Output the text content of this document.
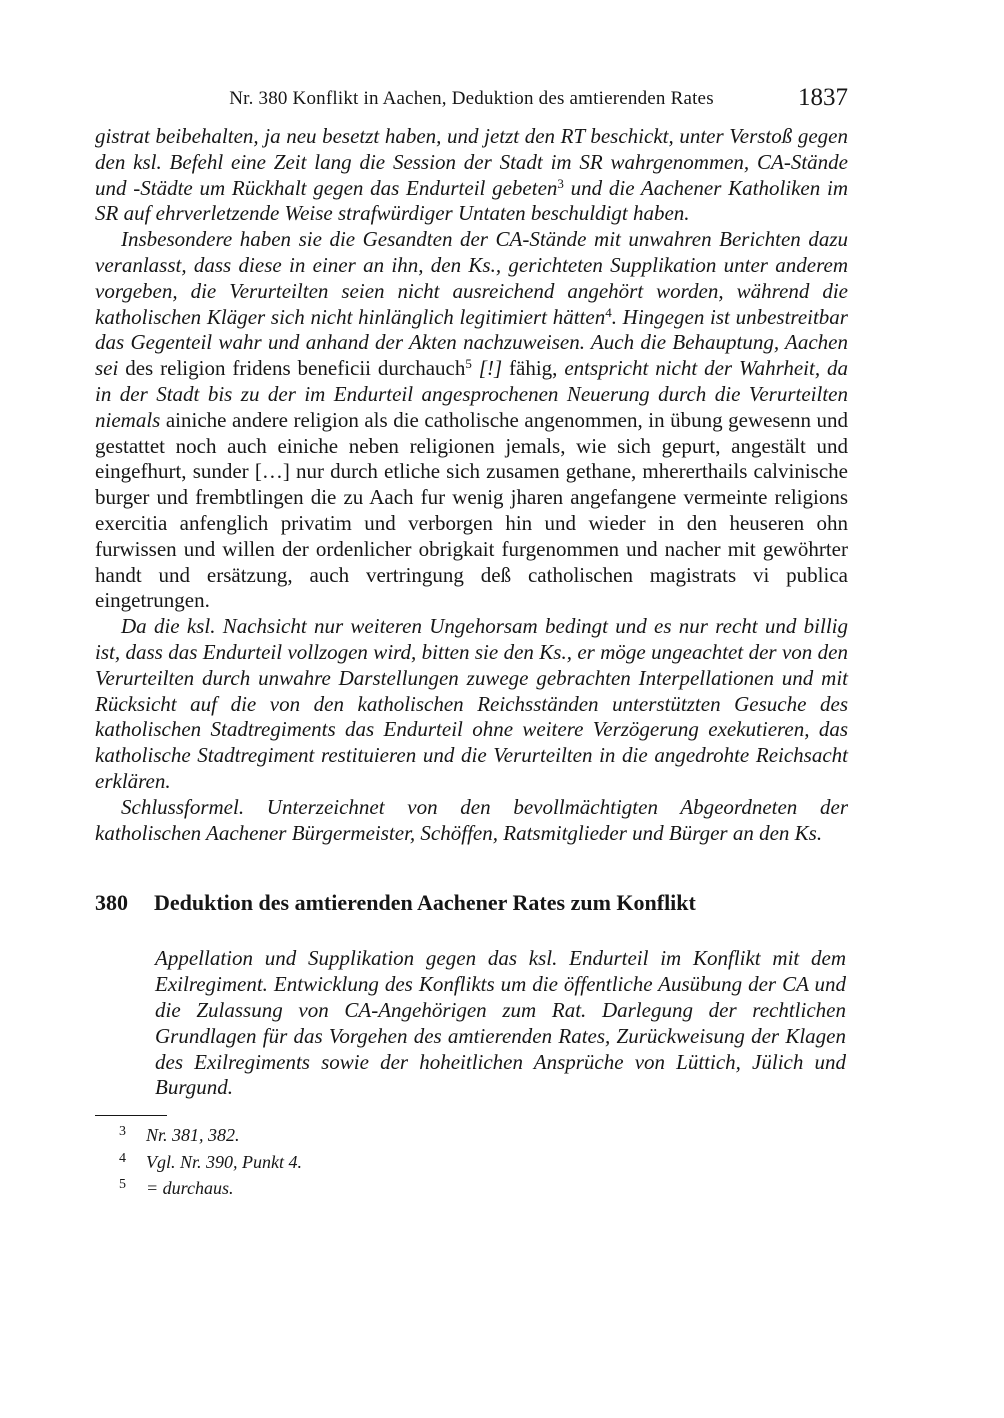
Nr. 380 Konflikt in Aachen, Deduktion des amtierenden Rates	1837

gistrat beibehalten, ja neu besetzt haben, und jetzt den RT beschickt, unter Verstoß gegen den ksl. Befehl eine Zeit lang die Session der Stadt im SR wahrgenommen, CA-Stände und -Städte um Rückhalt gegen das Endurteil gebeten$^3$ und die Aachener Katholiken im SR auf ehrverletzende Weise strafwürdiger Untaten beschuldigt haben.

Insbesondere haben sie die Gesandten der CA-Stände mit unwahren Berichten dazu veranlasst, dass diese in einer an ihn, den Ks., gerichteten Supplikation unter anderem vorgeben, die Verurteilten seien nicht ausreichend angehört worden, während die katholischen Kläger sich nicht hinlänglich legitimiert hätten$^4$. Hingegen ist unbestreitbar das Gegenteil wahr und anhand der Akten nachzuweisen. Auch die Behauptung, Aachen sei des religion fridens beneficii durchauch$^5$ [!] fähig, entspricht nicht der Wahrheit, da in der Stadt bis zu der im Endurteil angesprochenen Neuerung durch die Verurteilten niemals ainiche andere religion als die catholische angenommen, in übung gewesenn und gestattet noch auch einiche neben religionen jemals, wie sich gepurt, angestält und eingefhurt, sunder […] nur durch etliche sich zusamen gethane, mhererthails calvinische burger und frembtlingen die zu Aach fur wenig jharen angefangene vermeinte religions exercitia anfenglich privatim und verborgen hin und wieder in den heuseren ohn furwissen und willen der ordenlicher obrigkait furgenommen und nacher mit gewöhrter handt und ersätzung, auch vertringung deß catholischen magistrats vi publica eingetrungen.

Da die ksl. Nachsicht nur weiteren Ungehorsam bedingt und es nur recht und billig ist, dass das Endurteil vollzogen wird, bitten sie den Ks., er möge ungeachtet der von den Verurteilten durch unwahre Darstellungen zuwege gebrachten Interpellationen und mit Rücksicht auf die von den katholischen Reichsständen unterstützten Gesuche des katholischen Stadtregiments das Endurteil ohne weitere Verzögerung exekutieren, das katholische Stadtregiment restituieren und die Verurteilten in die angedrohte Reichsacht erklären.

Schlussformel. Unterzeichnet von den bevollmächtigten Abgeordneten der katholischen Aachener Bürgermeister, Schöffen, Ratsmitglieder und Bürger an den Ks.

380 Deduktion des amtierenden Aachener Rates zum Konflikt
Appellation und Supplikation gegen das ksl. Endurteil im Konflikt mit dem Exilregiment. Entwicklung des Konflikts um die öffentliche Ausübung der CA und die Zulassung von CA-Angehörigen zum Rat. Darlegung der rechtlichen Grundlagen für das Vorgehen des amtierenden Rates, Zurückweisung der Klagen des Exilregiments sowie der hoheitlichen Ansprüche von Lüttich, Jülich und Burgund.
3 Nr. 381, 382.
4 Vgl. Nr. 390, Punkt 4.
5 = durchaus.
